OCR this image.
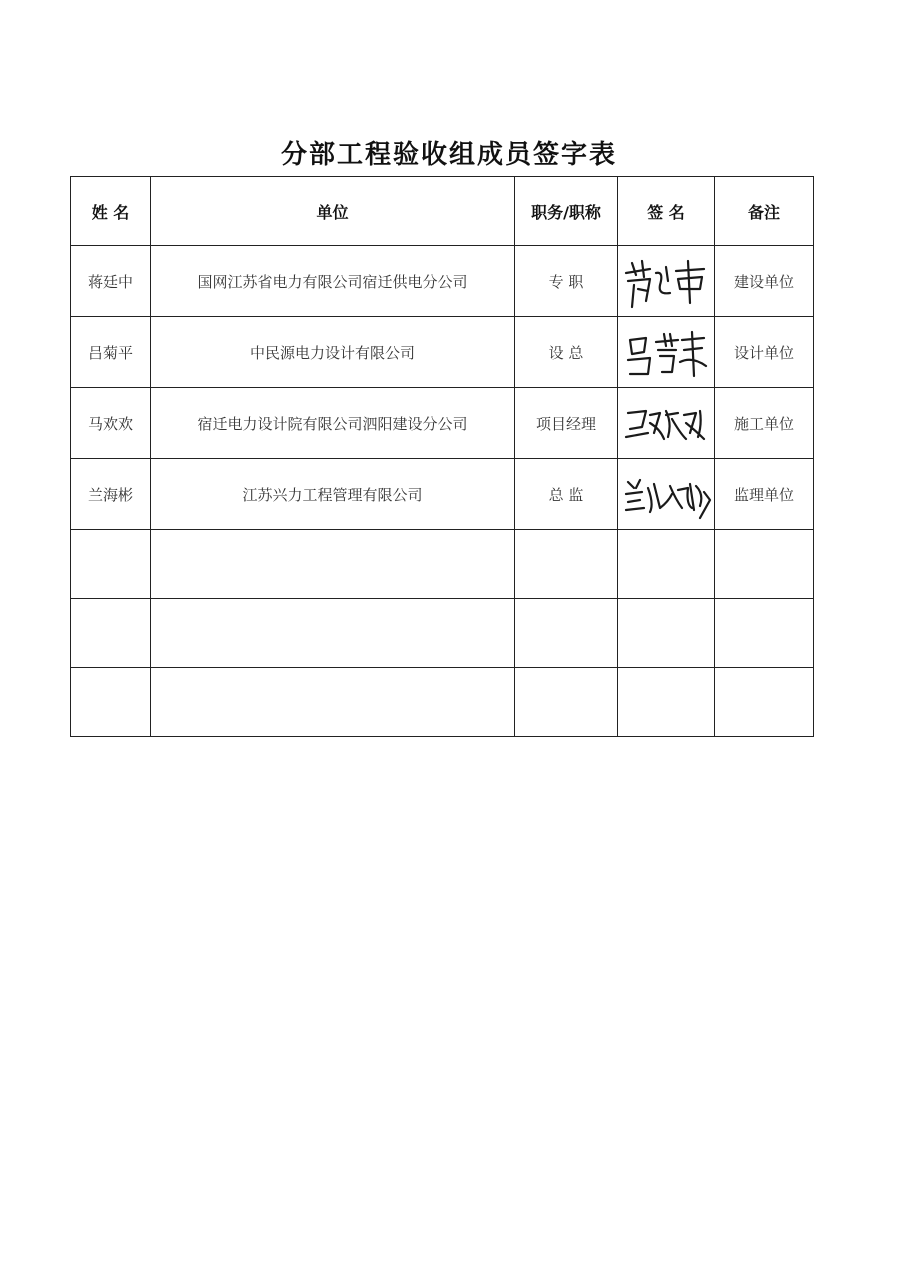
分部工程验收组成员签字表
姓 名	单位	职务/职称	签 名	备注
蒋廷中	国网江苏省电力有限公司宿迁供电分公司	专 职		建设单位
吕菊平	中民源电力设计有限公司	设 总		设计单位
马欢欢	宿迁电力设计院有限公司泗阳建设分公司	项目经理		施工单位
兰海彬	江苏兴力工程管理有限公司	总 监		监理单位
